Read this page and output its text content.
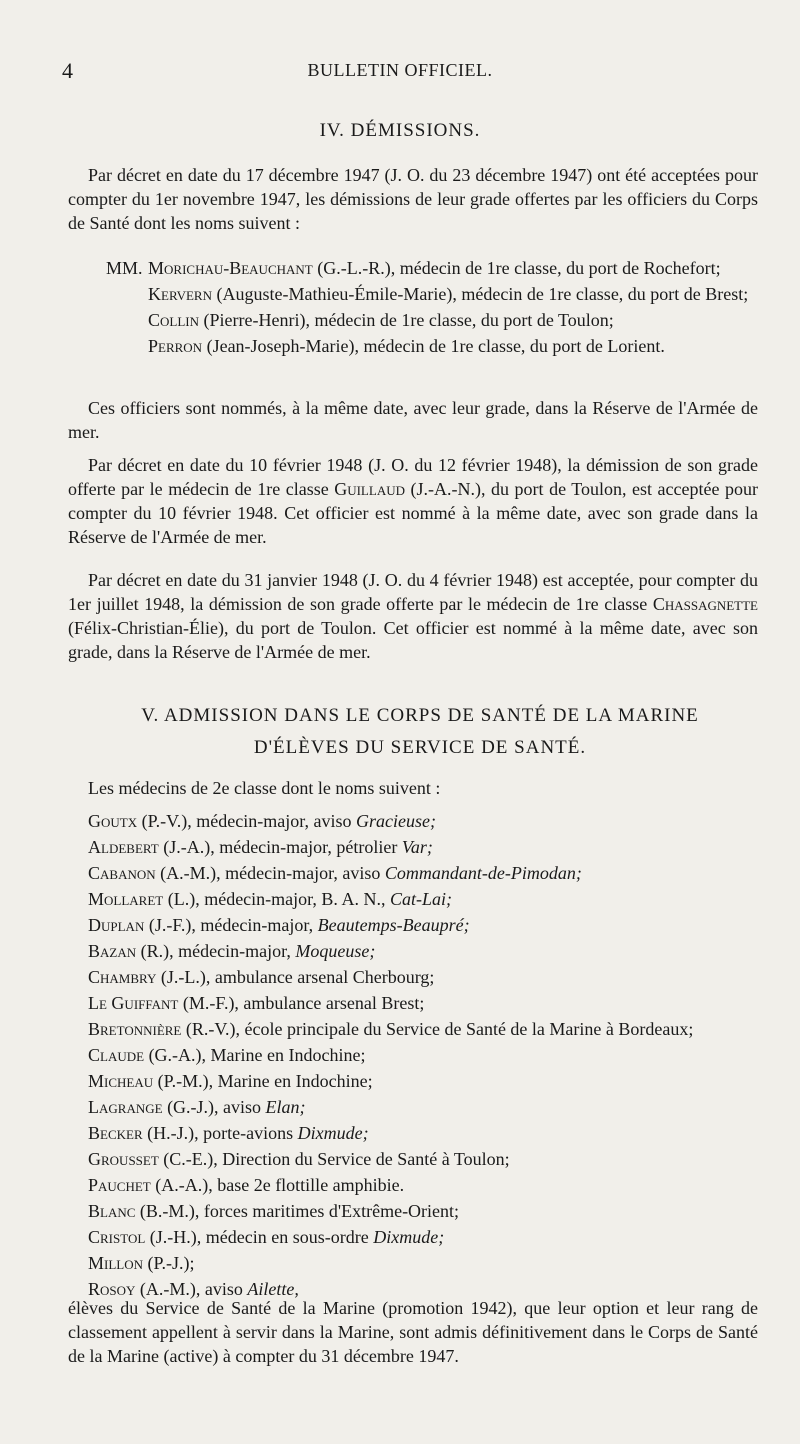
4	BULLETIN OFFICIEL.
IV. DÉMISSIONS.
Par décret en date du 17 décembre 1947 (J. O. du 23 décembre 1947) ont été acceptées pour compter du 1er novembre 1947, les démissions de leur grade offertes par les officiers du Corps de Santé dont les noms suivent :
MM. Morichau-Beauchant (G.-L.-R.), médecin de 1re classe, du port de Rochefort;
Kervern (Auguste-Mathieu-Émile-Marie), médecin de 1re classe, du port de Brest;
Collin (Pierre-Henri), médecin de 1re classe, du port de Toulon;
Perron (Jean-Joseph-Marie), médecin de 1re classe, du port de Lorient.
Ces officiers sont nommés, à la même date, avec leur grade, dans la Réserve de l'Armée de mer.
Par décret en date du 10 février 1948 (J. O. du 12 février 1948), la démission de son grade offerte par le médecin de 1re classe Guillaud (J.-A.-N.), du port de Toulon, est acceptée pour compter du 10 février 1948. Cet officier est nommé à la même date, avec son grade dans la Réserve de l'Armée de mer.
Par décret en date du 31 janvier 1948 (J. O. du 4 février 1948) est acceptée, pour compter du 1er juillet 1948, la démission de son grade offerte par le médecin de 1re classe Chassagnette (Félix-Christian-Élie), du port de Toulon. Cet officier est nommé à la même date, avec son grade, dans la Réserve de l'Armée de mer.
V. ADMISSION DANS LE CORPS DE SANTÉ DE LA MARINE
D'ÉLÈVES DU SERVICE DE SANTÉ.
Les médecins de 2e classe dont le noms suivent :
Goutx (P.-V.), médecin-major, aviso Gracieuse;
Aldebert (J.-A.), médecin-major, pétrolier Var;
Cabanon (A.-M.), médecin-major, aviso Commandant-de-Pimodan;
Mollaret (L.), médecin-major, B. A. N., Cat-Lai;
Duplan (J.-F.), médecin-major, Beautemps-Beaupré;
Bazan (R.), médecin-major, Moqueuse;
Chambry (J.-L.), ambulance arsenal Cherbourg;
Le Guiffant (M.-F.), ambulance arsenal Brest;
Bretonnière (R.-V.), école principale du Service de Santé de la Marine à Bordeaux;
Claude (G.-A.), Marine en Indochine;
Micheau (P.-M.), Marine en Indochine;
Lagrange (G.-J.), aviso Elan;
Becker (H.-J.), porte-avions Dixmude;
Grousset (C.-E.), Direction du Service de Santé à Toulon;
Pauchet (A.-A.), base 2e flottille amphibie.
Blanc (B.-M.), forces maritimes d'Extrême-Orient;
Cristol (J.-H.), médecin en sous-ordre Dixmude;
Millon (P.-J.);
Rosoy (A.-M.), aviso Ailette,
élèves du Service de Santé de la Marine (promotion 1942), que leur option et leur rang de classement appellent à servir dans la Marine, sont admis définitivement dans le Corps de Santé de la Marine (active) à compter du 31 décembre 1947.
